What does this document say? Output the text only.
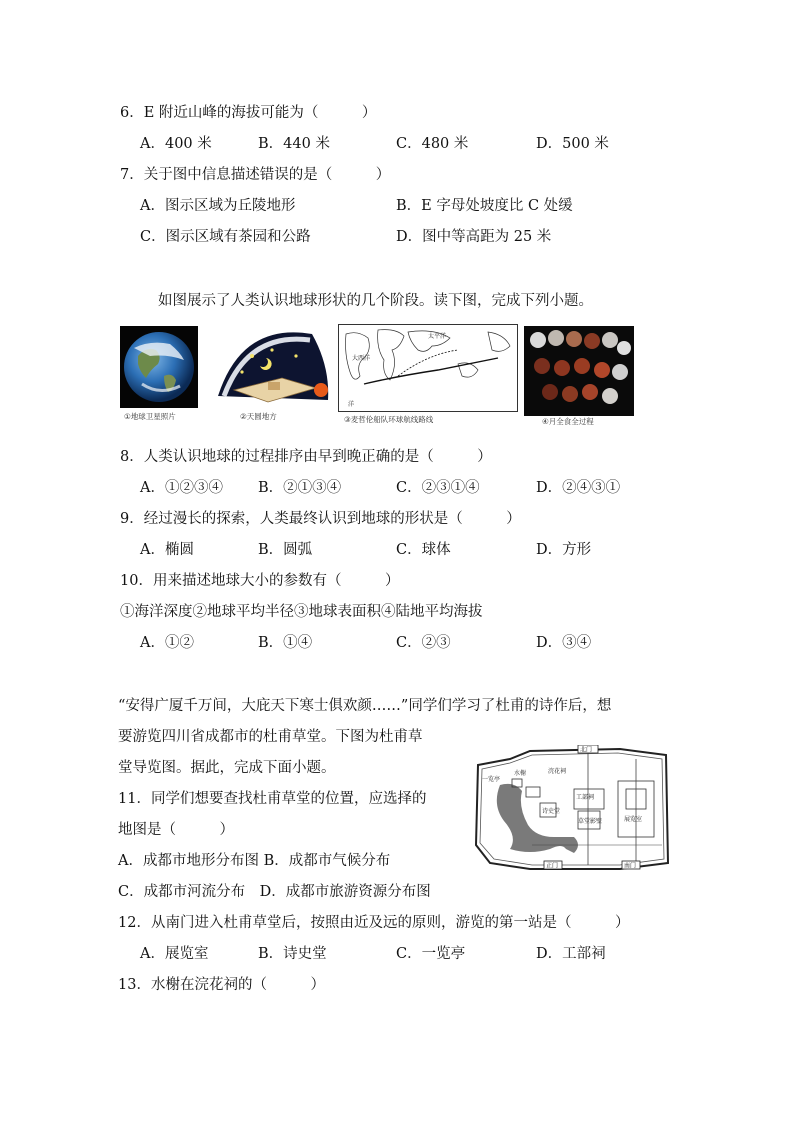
6．E 附近山峰的海拔可能为（　　　）
A．400 米	B．440 米	C．480 米	D．500 米
7．关于图中信息描述错误的是（　　　）
A．图示区域为丘陵地形	B．E 字母处坡度比 C 处缓
C．图示区域有茶园和公路	D．图中等高距为 25 米
如图展示了人类认识地球形状的几个阶段。读下图，完成下列小题。
①地球卫星照片	②天圆地方
太平洋
大西洋
洋
③麦哲伦船队环球航线路线	④月全食全过程
8．人类认识地球的过程排序由早到晚正确的是（　　　）
A．①②③④ B．②①③④	C．②③①④	D．②④③①
9．经过漫长的探索，人类最终认识到地球的形状是（　　　）
A．椭圆	B．圆弧	C．球体	D．方形
10．用来描述地球大小的参数有（　　　）
①海洋深度②地球平均半径③地球表面积④陆地平均海拔
A．①②	B．①④	C．②③	D．③④
“安得广厦千万间，大庇天下寒士俱欢颜……”同学们学习了杜甫的诗作后，想
要游览四川省成都市的杜甫草堂。下图为杜甫草
堂导览图。据此，完成下面小题。
北门
南门
正门
一览亭
水榭
工部祠
诗史堂
草堂影壁	展览室
浣花祠
11．同学们想要查找杜甫草堂的位置，应选择的
地图是（　　　）
A．成都市地形分布图 B．成都市气候分布
C．成都市河流分布　D．成都市旅游资源分布图
12．从南门进入杜甫草堂后，按照由近及远的原则，游览的第一站是（　　　）
A．展览室	B．诗史堂	C．一览亭	D．工部祠
13．水榭在浣花祠的（　　　）
